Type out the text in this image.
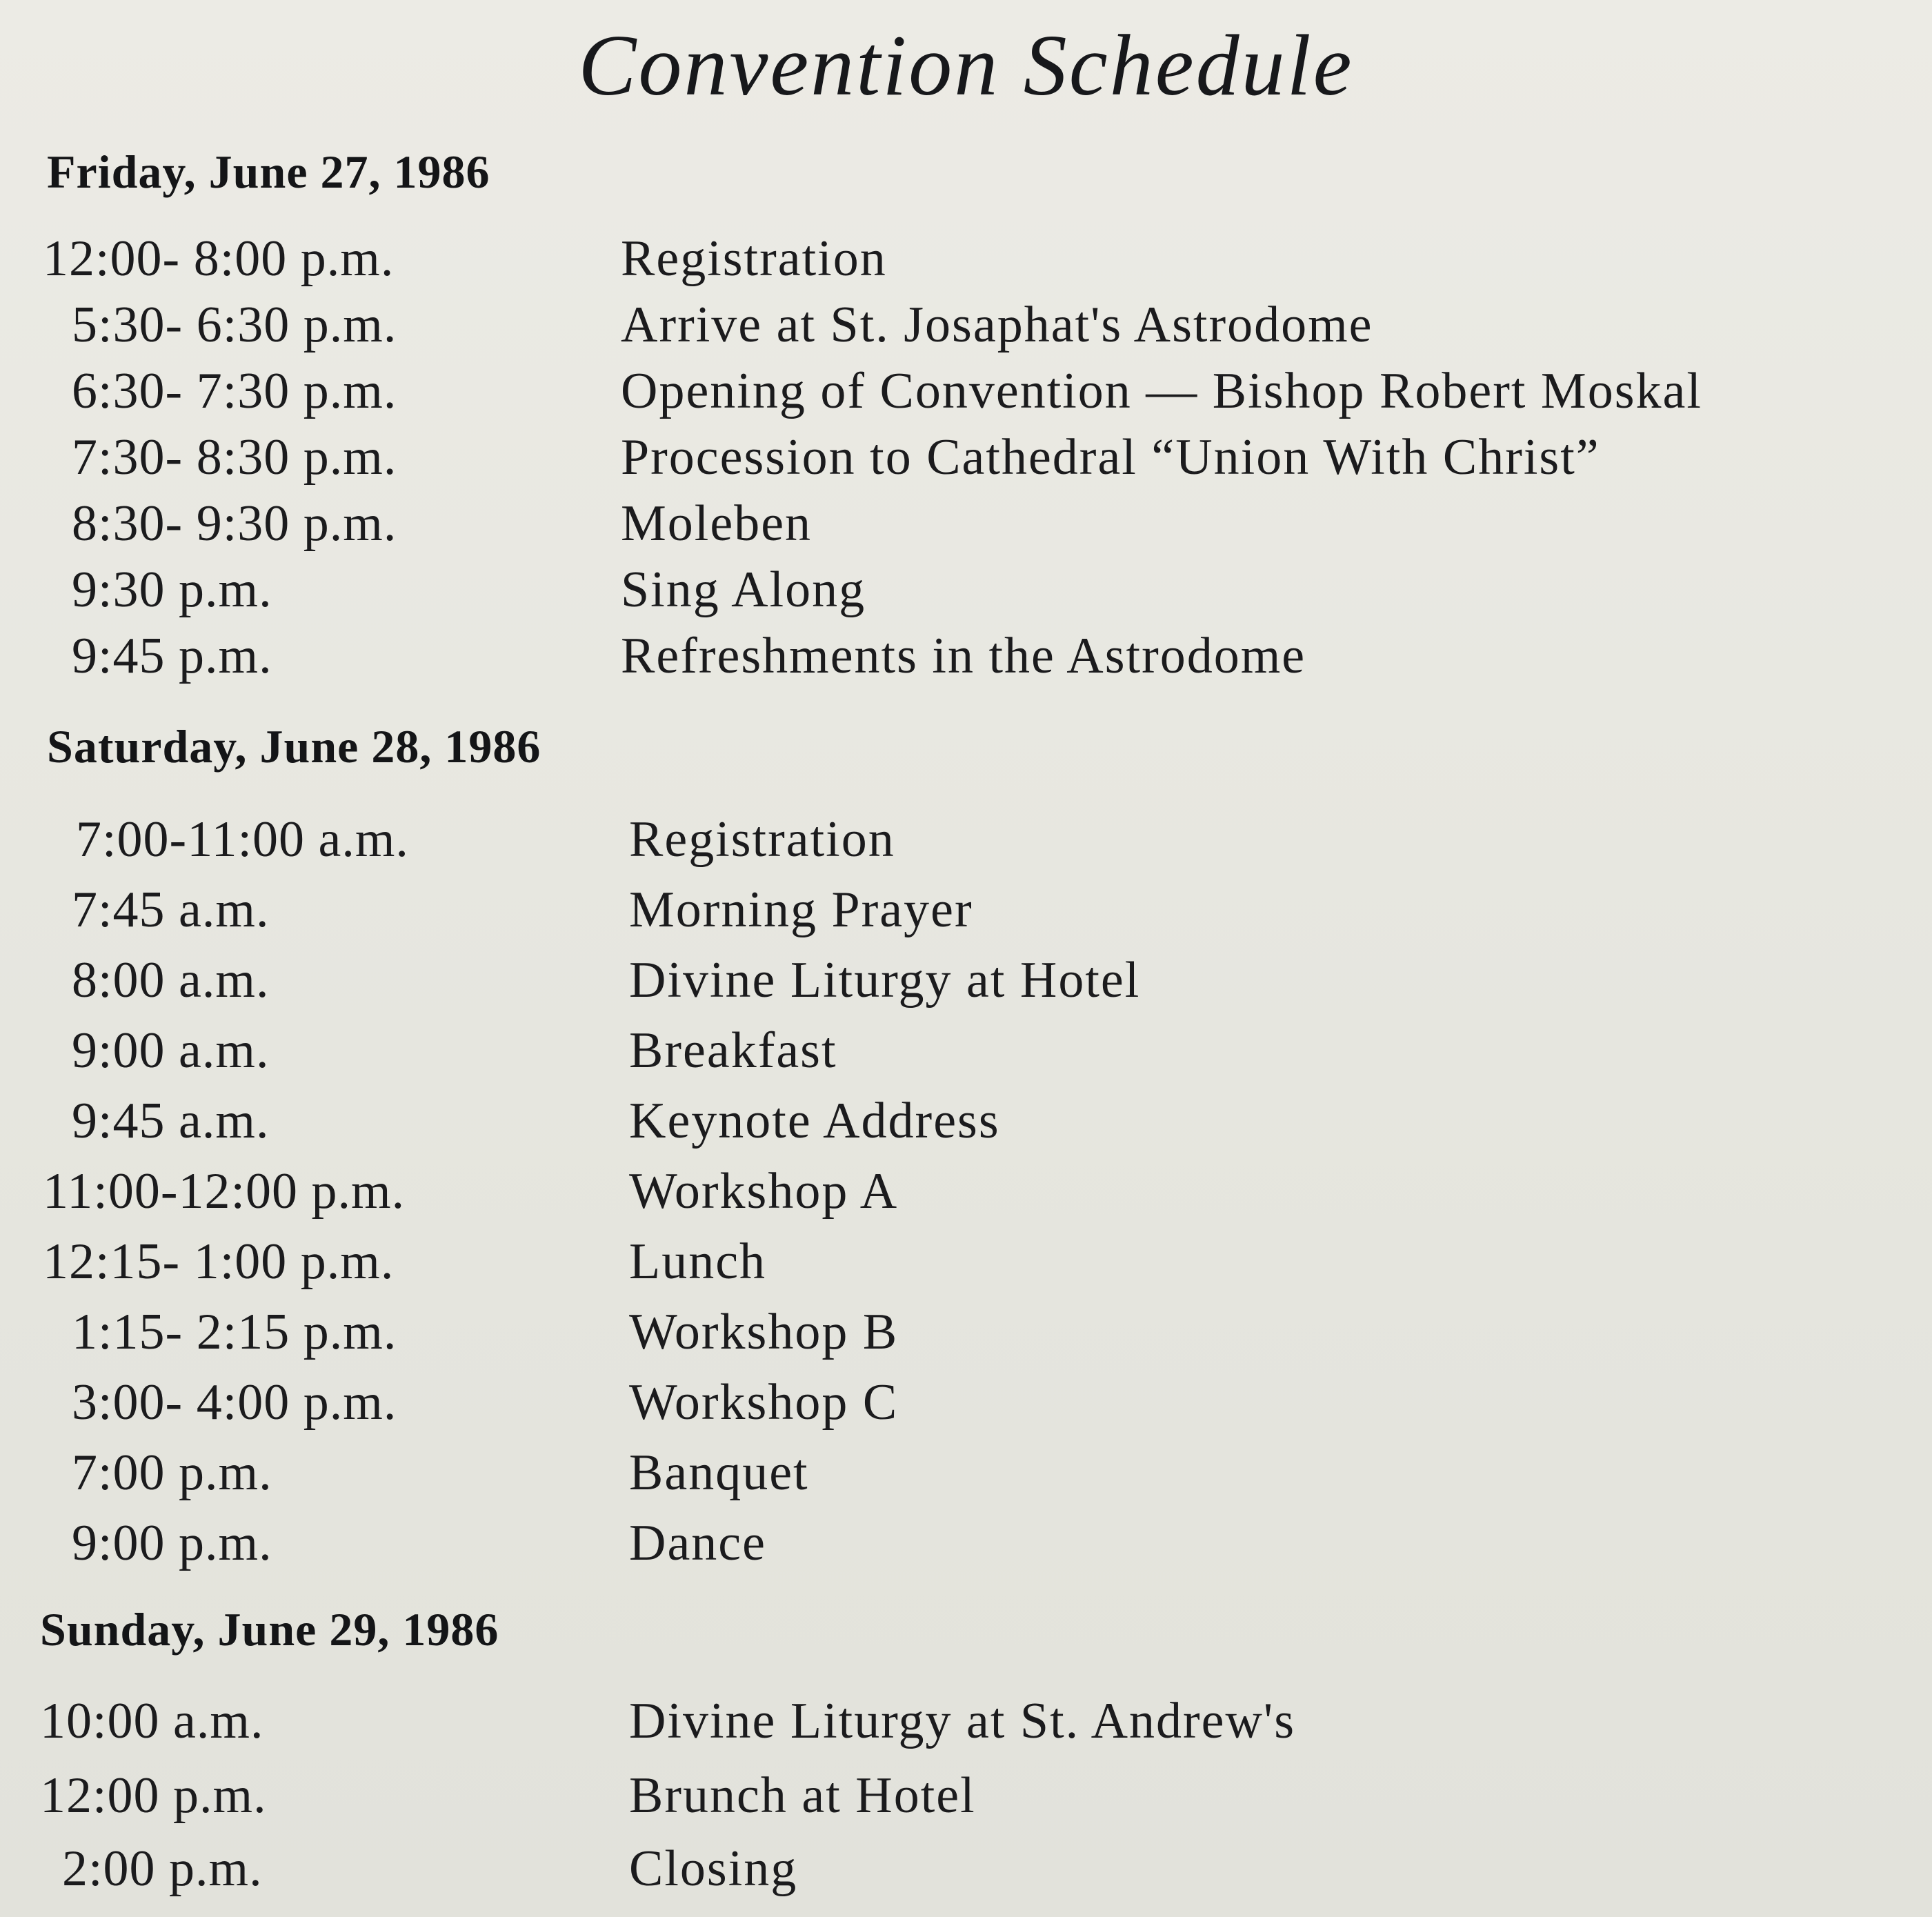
Convention Schedule
Friday, June 27, 1986
12:00- 8:00 p.m.	Registration
5:30- 6:30 p.m.	Arrive at St. Josaphat's Astrodome
6:30- 7:30 p.m.	Opening of Convention — Bishop Robert Moskal
7:30- 8:30 p.m.	Procession to Cathedral “Union With Christ”
8:30- 9:30 p.m.	Moleben
9:30 p.m.	Sing Along
9:45 p.m.	Refreshments in the Astrodome
Saturday, June 28, 1986
7:00-11:00 a.m.	Registration
7:45 a.m.	Morning Prayer
8:00 a.m.	Divine Liturgy at Hotel
9:00 a.m.	Breakfast
9:45 a.m.	Keynote Address
11:00-12:00 p.m.	Workshop A
12:15- 1:00 p.m.	Lunch
1:15- 2:15 p.m.	Workshop B
3:00- 4:00 p.m.	Workshop C
7:00 p.m.	Banquet
9:00 p.m.	Dance
Sunday, June 29, 1986
10:00 a.m.	Divine Liturgy at St. Andrew's
12:00 p.m.	Brunch at Hotel
2:00 p.m.	Closing
